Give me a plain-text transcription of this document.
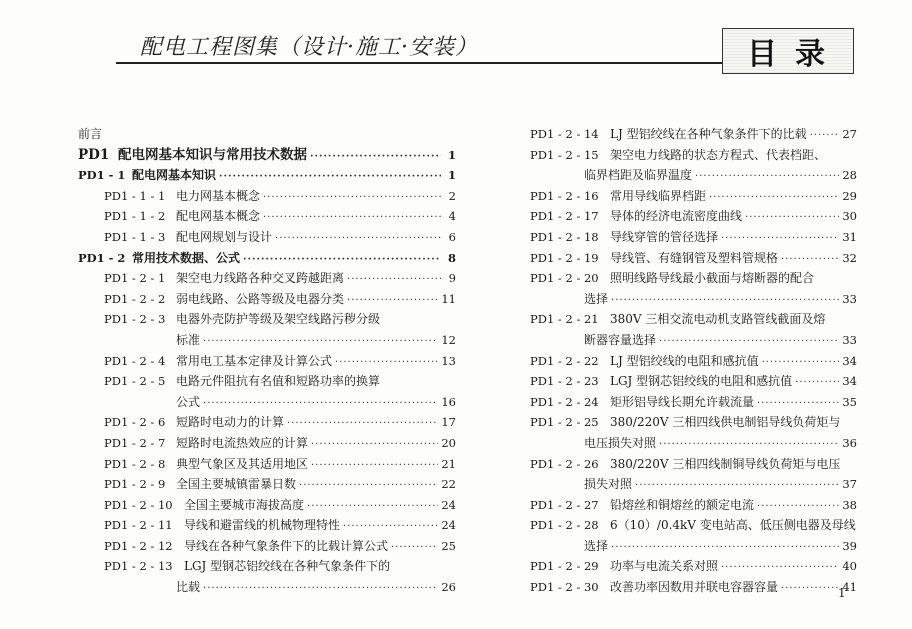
配电工程图集（设计·施工·安装）	目录
前言
PD1 配电网基本知识与常用技术数据 ·····	1
PD1 - 1 配电网基本知识 ·····	1
PD1 - 1 - 1 电力网基本概念 ·····	2
PD1 - 1 - 2 配电网基本概念 ·····	4
PD1 - 1 - 3 配电网规划与设计 ·····	6
PD1 - 2 常用技术数据、公式 ·····	8
PD1 - 2 - 1 架空电力线路各种交叉跨越距离 ·····	9
PD1 - 2 - 2 弱电线路、公路等级及电器分类 ·····	11
PD1 - 2 - 3 电器外壳防护等级及架空线路污秽分级
标准 ·····	12
PD1 - 2 - 4 常用电工基本定律及计算公式 ·····	13
PD1 - 2 - 5 电路元件阻抗有名值和短路功率的换算
公式 ·····	16
PD1 - 2 - 6 短路时电动力的计算 ·····	17
PD1 - 2 - 7 短路时电流热效应的计算 ·····	20
PD1 - 2 - 8 典型气象区及其适用地区 ·····	21
PD1 - 2 - 9 全国主要城镇雷暴日数 ·····	22
PD1 - 2 - 10 全国主要城市海拔高度 ·····	24
PD1 - 2 - 11 导线和避雷线的机械物理特性 ·····	24
PD1 - 2 - 12 导线在各种气象条件下的比载计算公式 ·····	25
PD1 - 2 - 13 LGJ 型钢芯铝绞线在各种气象条件下的
比载 ·····	26
PD1 - 2 - 14 LJ 型铝绞线在各种气象条件下的比载 ·····	27
PD1 - 2 - 15 架空电力线路的状态方程式、代表档距、
临界档距及临界温度 ·····	28
PD1 - 2 - 16 常用导线临界档距 ·····	29
PD1 - 2 - 17 导体的经济电流密度曲线 ·····	30
PD1 - 2 - 18 导线穿管的管径选择 ·····	31
PD1 - 2 - 19 导线管、有缝钢管及塑料管规格 ·····	32
PD1 - 2 - 20 照明线路导线最小截面与熔断器的配合
选择 ·····	33
PD1 - 2 - 21 380V 三相交流电动机支路管线截面及熔
断器容量选择 ·····	33
PD1 - 2 - 22 LJ 型铝绞线的电阻和感抗值 ·····	34
PD1 - 2 - 23 LGJ 型钢芯铝绞线的电阻和感抗值 ·····	34
PD1 - 2 - 24 矩形铝导线长期允许载流量 ·····	35
PD1 - 2 - 25 380/220V 三相四线供电制铝导线负荷矩与
电压损失对照 ·····	36
PD1 - 2 - 26 380/220V 三相四线制铜导线负荷矩与电压
损失对照 ·····	37
PD1 - 2 - 27 铅熔丝和铜熔丝的额定电流 ·····	38
PD1 - 2 - 28 6（10）/0.4kV 变电站高、低压侧电器及母线
选择 ·····	39
PD1 - 2 - 29 功率与电流关系对照 ·····	40
PD1 - 2 - 30 改善功率因数用并联电容器容量 ·····	41
1
